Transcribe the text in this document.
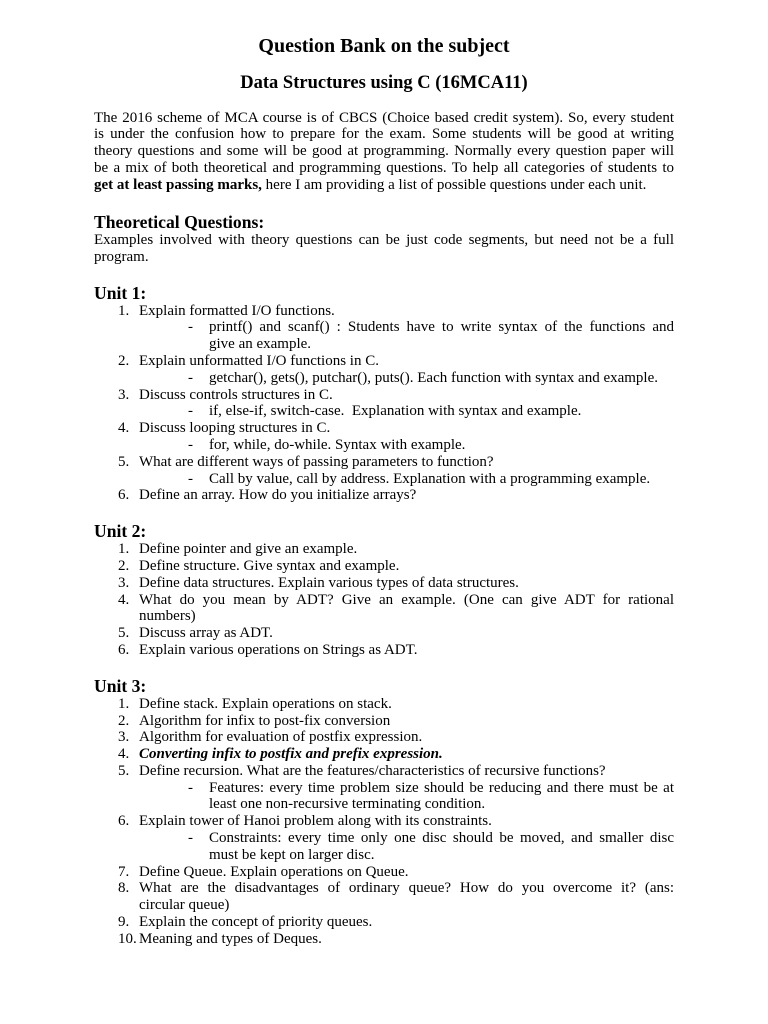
Question Bank on the subject
Data Structures using C (16MCA11)
The 2016 scheme of MCA course is of CBCS (Choice based credit system). So, every student
is under the confusion how to prepare for the exam. Some students will be good at writing
theory questions and some will be good at programming. Normally every question paper will
be a mix of both theoretical and programming questions. To help all categories of students to
get at least passing marks, here I am providing a list of possible questions under each unit.
Theoretical Questions:
Examples involved with theory questions can be just code segments, but need not be a full
program.
Unit 1:
1. Explain formatted I/O functions.
- printf() and scanf() : Students have to write syntax of the functions and
give an example.
2. Explain unformatted I/O functions in C.
- getchar(), gets(), putchar(), puts(). Each function with syntax and example.
3. Discuss controls structures in C.
- if, else-if, switch-case.  Explanation with syntax and example.
4. Discuss looping structures in C.
- for, while, do-while. Syntax with example.
5. What are different ways of passing parameters to function?
- Call by value, call by address. Explanation with a programming example.
6. Define an array. How do you initialize arrays?
Unit 2:
1. Define pointer and give an example.
2. Define structure. Give syntax and example.
3. Define data structures. Explain various types of data structures.
4. What do you mean by ADT? Give an example. (One can give ADT for rational
numbers)
5. Discuss array as ADT.
6. Explain various operations on Strings as ADT.
Unit 3:
1. Define stack. Explain operations on stack.
2. Algorithm for infix to post-fix conversion
3. Algorithm for evaluation of postfix expression.
4. Converting infix to postfix and prefix expression.
5. Define recursion. What are the features/characteristics of recursive functions?
- Features: every time problem size should be reducing and there must be at
least one non-recursive terminating condition.
6. Explain tower of Hanoi problem along with its constraints.
- Constraints: every time only one disc should be moved, and smaller disc
must be kept on larger disc.
7. Define Queue. Explain operations on Queue.
8. What are the disadvantages of ordinary queue? How do you overcome it? (ans:
circular queue)
9. Explain the concept of priority queues.
10. Meaning and types of Deques.
